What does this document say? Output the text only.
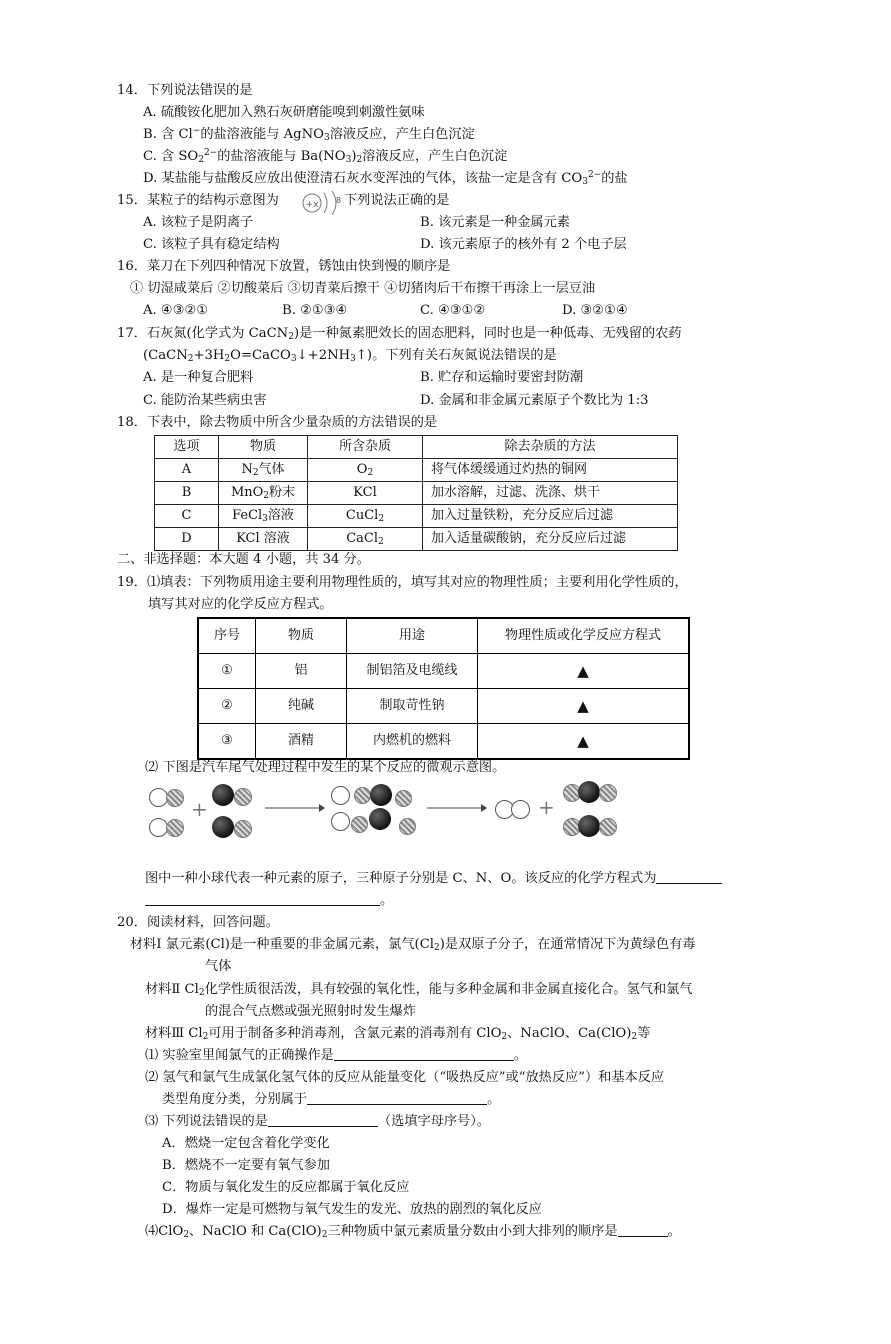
14．下列说法错误的是
A. 硫酸铵化肥加入熟石灰研磨能嗅到刺激性氨味
B. 含 Cl−的盐溶液能与 AgNO$_3$溶液反应，产生白色沉淀
C. 含 $SO_2^{2-}$的盐溶液能与 $Ba(NO_3)_2$溶液反应，产生白色沉淀
D. 某盐能与盐酸反应放出使澄清石灰水变浑浊的气体，该盐一定是含有 $CO_3^{2-}$的盐
15．某粒子的结构示意图为	+x 8 下列说法正确的是
A. 该粒子是阴离子	B. 该元素是一种金属元素
C. 该粒子具有稳定结构	D. 该元素原子的核外有 2 个电子层
16．菜刀在下列四种情况下放置，锈蚀由快到慢的顺序是
① 切湿咸菜后 ②切酸菜后 ③切青菜后擦干 ④切猪肉后干布擦干再涂上一层豆油
A. ④③②①	B. ②①③④	C. ④③①②	D. ③②①④
17．石灰氮(化学式为 CaCN$_2$)是一种氮素肥效长的固态肥料，同时也是一种低毒、无残留的农药
$(CaCN_2+3H_2O=CaCO_3↓+2NH_3↑)$。下列有关石灰氮说法错误的是
A. 是一种复合肥料	B. 贮存和运输时要密封防潮
C. 能防治某些病虫害	D. 金属和非金属元素原子个数比为 1:3
18．下表中，除去物质中所含少量杂质的方法错误的是
选项	物质	所含杂质	除去杂质的方法
A	$N_2$气体	$O_2$	将气体缓缓通过灼热的铜网
B	MnO$_2$粉末	KCl	加水溶解，过滤、洗涤、烘干
C	FeCl$_3$溶液	CuCl$_2$	加入过量铁粉，充分反应后过滤
D	KCl 溶液	CaCl$_2$	加入适量碳酸钠，充分反应后过滤
二、非选择题：本大题 4 小题，共 34 分。
19．⑴填表：下列物质用途主要利用物理性质的，填写其对应的物理性质；主要利用化学性质的，
填写其对应的化学反应方程式。
序号	物质	用途	物理性质或化学反应方程式
①	铝	制铝箔及电缆线	▲
②	纯碱	制取苛性钠	▲
③	酒精	内燃机的燃料	▲
⑵ 下图是汽车尾气处理过程中发生的某个反应的微观示意图。
+	+
图中一种小球代表一种元素的原子，三种原子分别是 C、N、O。该反应的化学方程式为
。
20．阅读材料，回答问题。
材料Ⅰ 氯元素(Cl)是一种重要的非金属元素，氯气$(Cl_2)$是双原子分子，在通常情况下为黄绿色有毒
气体
材料Ⅱ $Cl_2$化学性质很活泼，具有较强的氧化性，能与多种金属和非金属直接化合。氢气和氯气
的混合气点燃或强光照射时发生爆炸
材料Ⅲ $Cl_2$可用于制备多种消毒剂，含氯元素的消毒剂有 ClO$_2$、NaClO、$Ca(ClO)_2$等
⑴ 实验室里闻氯气的正确操作是	。
⑵ 氢气和氯气生成氯化氢气体的反应从能量变化（“吸热反应”或“放热反应”）和基本反应
类型角度分类，分别属于	。
⑶ 下列说法错误的是	（选填字母序号）。
A．燃烧一定包含着化学变化
B．燃烧不一定要有氧气参加
C．物质与氧化发生的反应都属于氧化反应
D．爆炸一定是可燃物与氧气发生的发光、放热的剧烈的氧化反应
⑷ClO$_2$、NaClO 和 $Ca(ClO)_2$三种物质中氯元素质量分数由小到大排列的顺序是	。
